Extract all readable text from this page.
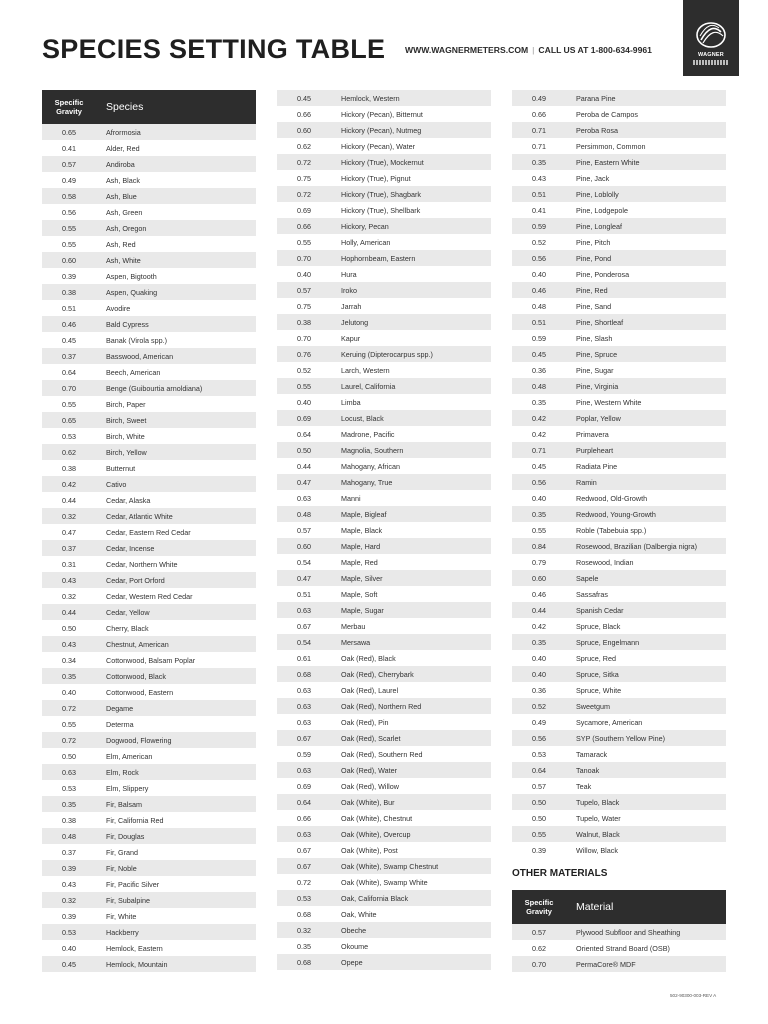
SPECIES SETTING TABLE WWW.WAGNERMETERS.COM | CALL US AT 1-800-634-9961	WAGNER
Specific Gravity	Species
0.65	Afrormosia
0.41	Alder, Red
0.57	Andiroba
0.49	Ash, Black
0.58	Ash, Blue
0.56	Ash, Green
0.55	Ash, Oregon
0.55	Ash, Red
0.60	Ash, White
0.39	Aspen, Bigtooth
0.38	Aspen, Quaking
0.51	Avodire
0.46	Bald Cypress
0.45	Banak (Virola spp.)
0.37	Basswood, American
0.64	Beech, American
0.70	Benge (Guibourtia arnoldiana)
0.55	Birch, Paper
0.65	Birch, Sweet
0.53	Birch, White
0.62	Birch, Yellow
0.38	Butternut
0.42	Cativo
0.44	Cedar, Alaska
0.32	Cedar, Atlantic White
0.47	Cedar, Eastern Red Cedar
0.37	Cedar, Incense
0.31	Cedar, Northern White
0.43	Cedar, Port Orford
0.32	Cedar, Western Red Cedar
0.44	Cedar, Yellow
0.50	Cherry, Black
0.43	Chestnut, American
0.34	Cottonwood, Balsam Poplar
0.35	Cottonwood, Black
0.40	Cottonwood, Eastern
0.72	Degame
0.55	Determa
0.72	Dogwood, Flowering
0.50	Elm, American
0.63	Elm, Rock
0.53	Elm, Slippery
0.35	Fir, Balsam
0.38	Fir, California Red
0.48	Fir, Douglas
0.37	Fir, Grand
0.39	Fir, Noble
0.43	Fir, Pacific Silver
0.32	Fir, Subalpine
0.39	Fir, White
0.53	Hackberry
0.40	Hemlock, Eastern
0.45	Hemlock, Mountain
0.45	Hemlock, Western
0.66	Hickory (Pecan), Bitternut
0.60	Hickory (Pecan), Nutmeg
0.62	Hickory (Pecan), Water
0.72	Hickory (True), Mockernut
0.75	Hickory (True), Pignut
0.72	Hickory (True), Shagbark
0.69	Hickory (True), Shellbark
0.66	Hickory, Pecan
0.55	Holly, American
0.70	Hophornbeam, Eastern
0.40	Hura
0.57	Iroko
0.75	Jarrah
0.38	Jelutong
0.70	Kapur
0.76	Keruing (Dipterocarpus spp.)
0.52	Larch, Western
0.55	Laurel, California
0.40	Limba
0.69	Locust, Black
0.64	Madrone, Pacific
0.50	Magnolia, Southern
0.44	Mahogany, African
0.47	Mahogany, True
0.63	Manni
0.48	Maple, Bigleaf
0.57	Maple, Black
0.60	Maple, Hard
0.54	Maple, Red
0.47	Maple, Silver
0.51	Maple, Soft
0.63	Maple, Sugar
0.67	Merbau
0.54	Mersawa
0.61	Oak (Red), Black
0.68	Oak (Red), Cherrybark
0.63	Oak (Red), Laurel
0.63	Oak (Red), Northern Red
0.63	Oak (Red), Pin
0.67	Oak (Red), Scarlet
0.59	Oak (Red), Southern Red
0.63	Oak (Red), Water
0.69	Oak (Red), Willow
0.64	Oak (White), Bur
0.66	Oak (White), Chestnut
0.63	Oak (White), Overcup
0.67	Oak (White), Post
0.67	Oak (White), Swamp Chestnut
0.72	Oak (White), Swamp White
0.53	Oak, California Black
0.68	Oak, White
0.32	Obeche
0.35	Okoume
0.68	Opepe
0.49	Parana Pine
0.66	Peroba de Campos
0.71	Peroba Rosa
0.71	Persimmon, Common
0.35	Pine, Eastern White
0.43	Pine, Jack
0.51	Pine, Loblolly
0.41	Pine, Lodgepole
0.59	Pine, Longleaf
0.52	Pine, Pitch
0.56	Pine, Pond
0.40	Pine, Ponderosa
0.46	Pine, Red
0.48	Pine, Sand
0.51	Pine, Shortleaf
0.59	Pine, Slash
0.45	Pine, Spruce
0.36	Pine, Sugar
0.48	Pine, Virginia
0.35	Pine, Western White
0.42	Poplar, Yellow
0.42	Primavera
0.71	Purpleheart
0.45	Radiata Pine
0.56	Ramin
0.40	Redwood, Old-Growth
0.35	Redwood, Young-Growth
0.55	Roble (Tabebuia spp.)
0.84	Rosewood, Brazilian (Dalbergia nigra)
0.79	Rosewood, Indian
0.60	Sapele
0.46	Sassafras
0.44	Spanish Cedar
0.42	Spruce, Black
0.35	Spruce, Engelmann
0.40	Spruce, Red
0.40	Spruce, Sitka
0.36	Spruce, White
0.52	Sweetgum
0.49	Sycamore, American
0.56	SYP (Southern Yellow Pine)
0.53	Tamarack
0.64	Tanoak
0.57	Teak
0.50	Tupelo, Black
0.50	Tupelo, Water
0.55	Walnut, Black
0.39	Willow, Black
OTHER MATERIALS
Specific Gravity	Material
0.57	Plywood Subfloor and Sheathing
0.62	Oriented Strand Board (OSB)
0.70	PermaCore® MDF
502-90300-003-REV A
